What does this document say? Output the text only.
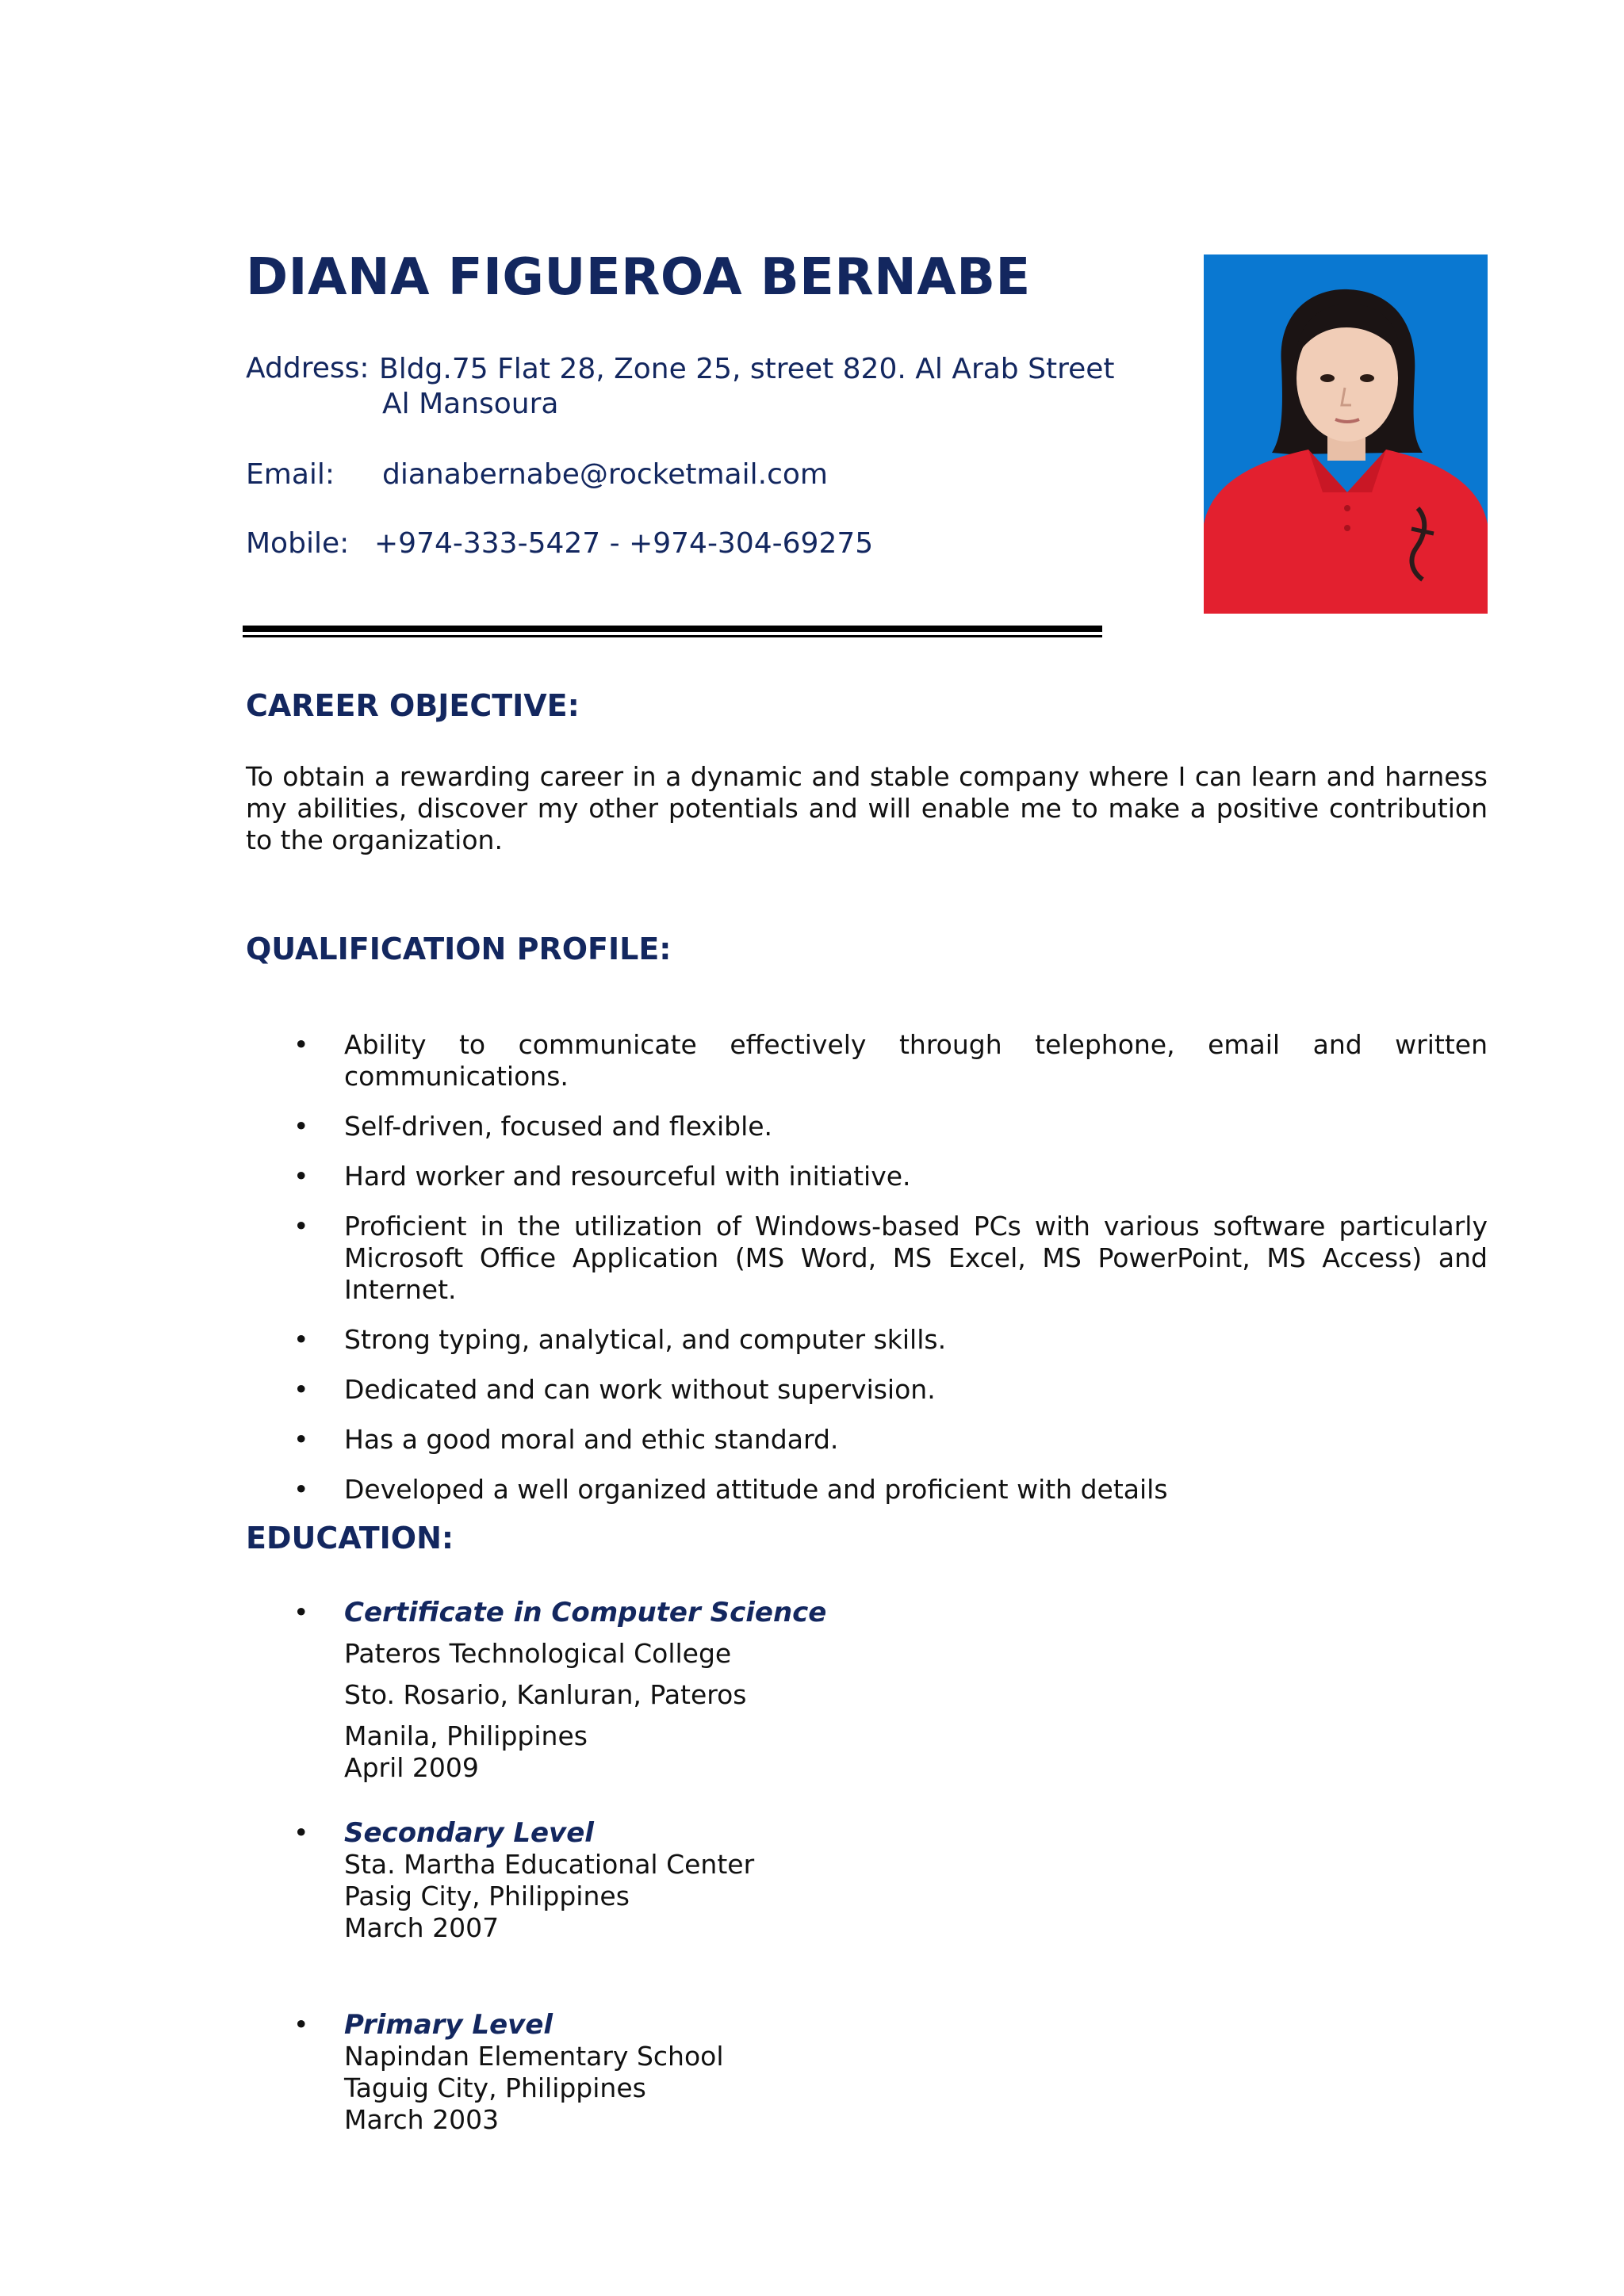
DIANA FIGUEROA BERNABE
Address: Bldg.75 Flat 28, Zone 25, street 820. Al Arab Street
Al Mansoura
Email: dianabernabe@rocketmail.com
Mobile: +974-333-5427 - +974-304-69275
CAREER OBJECTIVE:
To obtain a rewarding career in a dynamic and stable company where I can learn and harness my abilities, discover my other potentials and will enable me to make a positive contribution to the organization.
QUALIFICATION PROFILE:
• Ability to communicate effectively through telephone, email and written communications.
• Self-driven, focused and flexible.
• Hard worker and resourceful with initiative.
• Proficient in the utilization of Windows-based PCs with various software particularly Microsoft Office Application (MS Word, MS Excel, MS PowerPoint, MS Access) and Internet.
• Strong typing, analytical, and computer skills.
• Dedicated and can work without supervision.
• Has a good moral and ethic standard.
• Developed a well organized attitude and proficient with details
EDUCATION:
• Certificate in Computer Science
Pateros Technological College
Sto. Rosario, Kanluran, Pateros
Manila, Philippines
April 2009
• Secondary Level
Sta. Martha Educational Center
Pasig City, Philippines
March 2007
• Primary Level
Napindan Elementary School
Taguig City, Philippines
March 2003
